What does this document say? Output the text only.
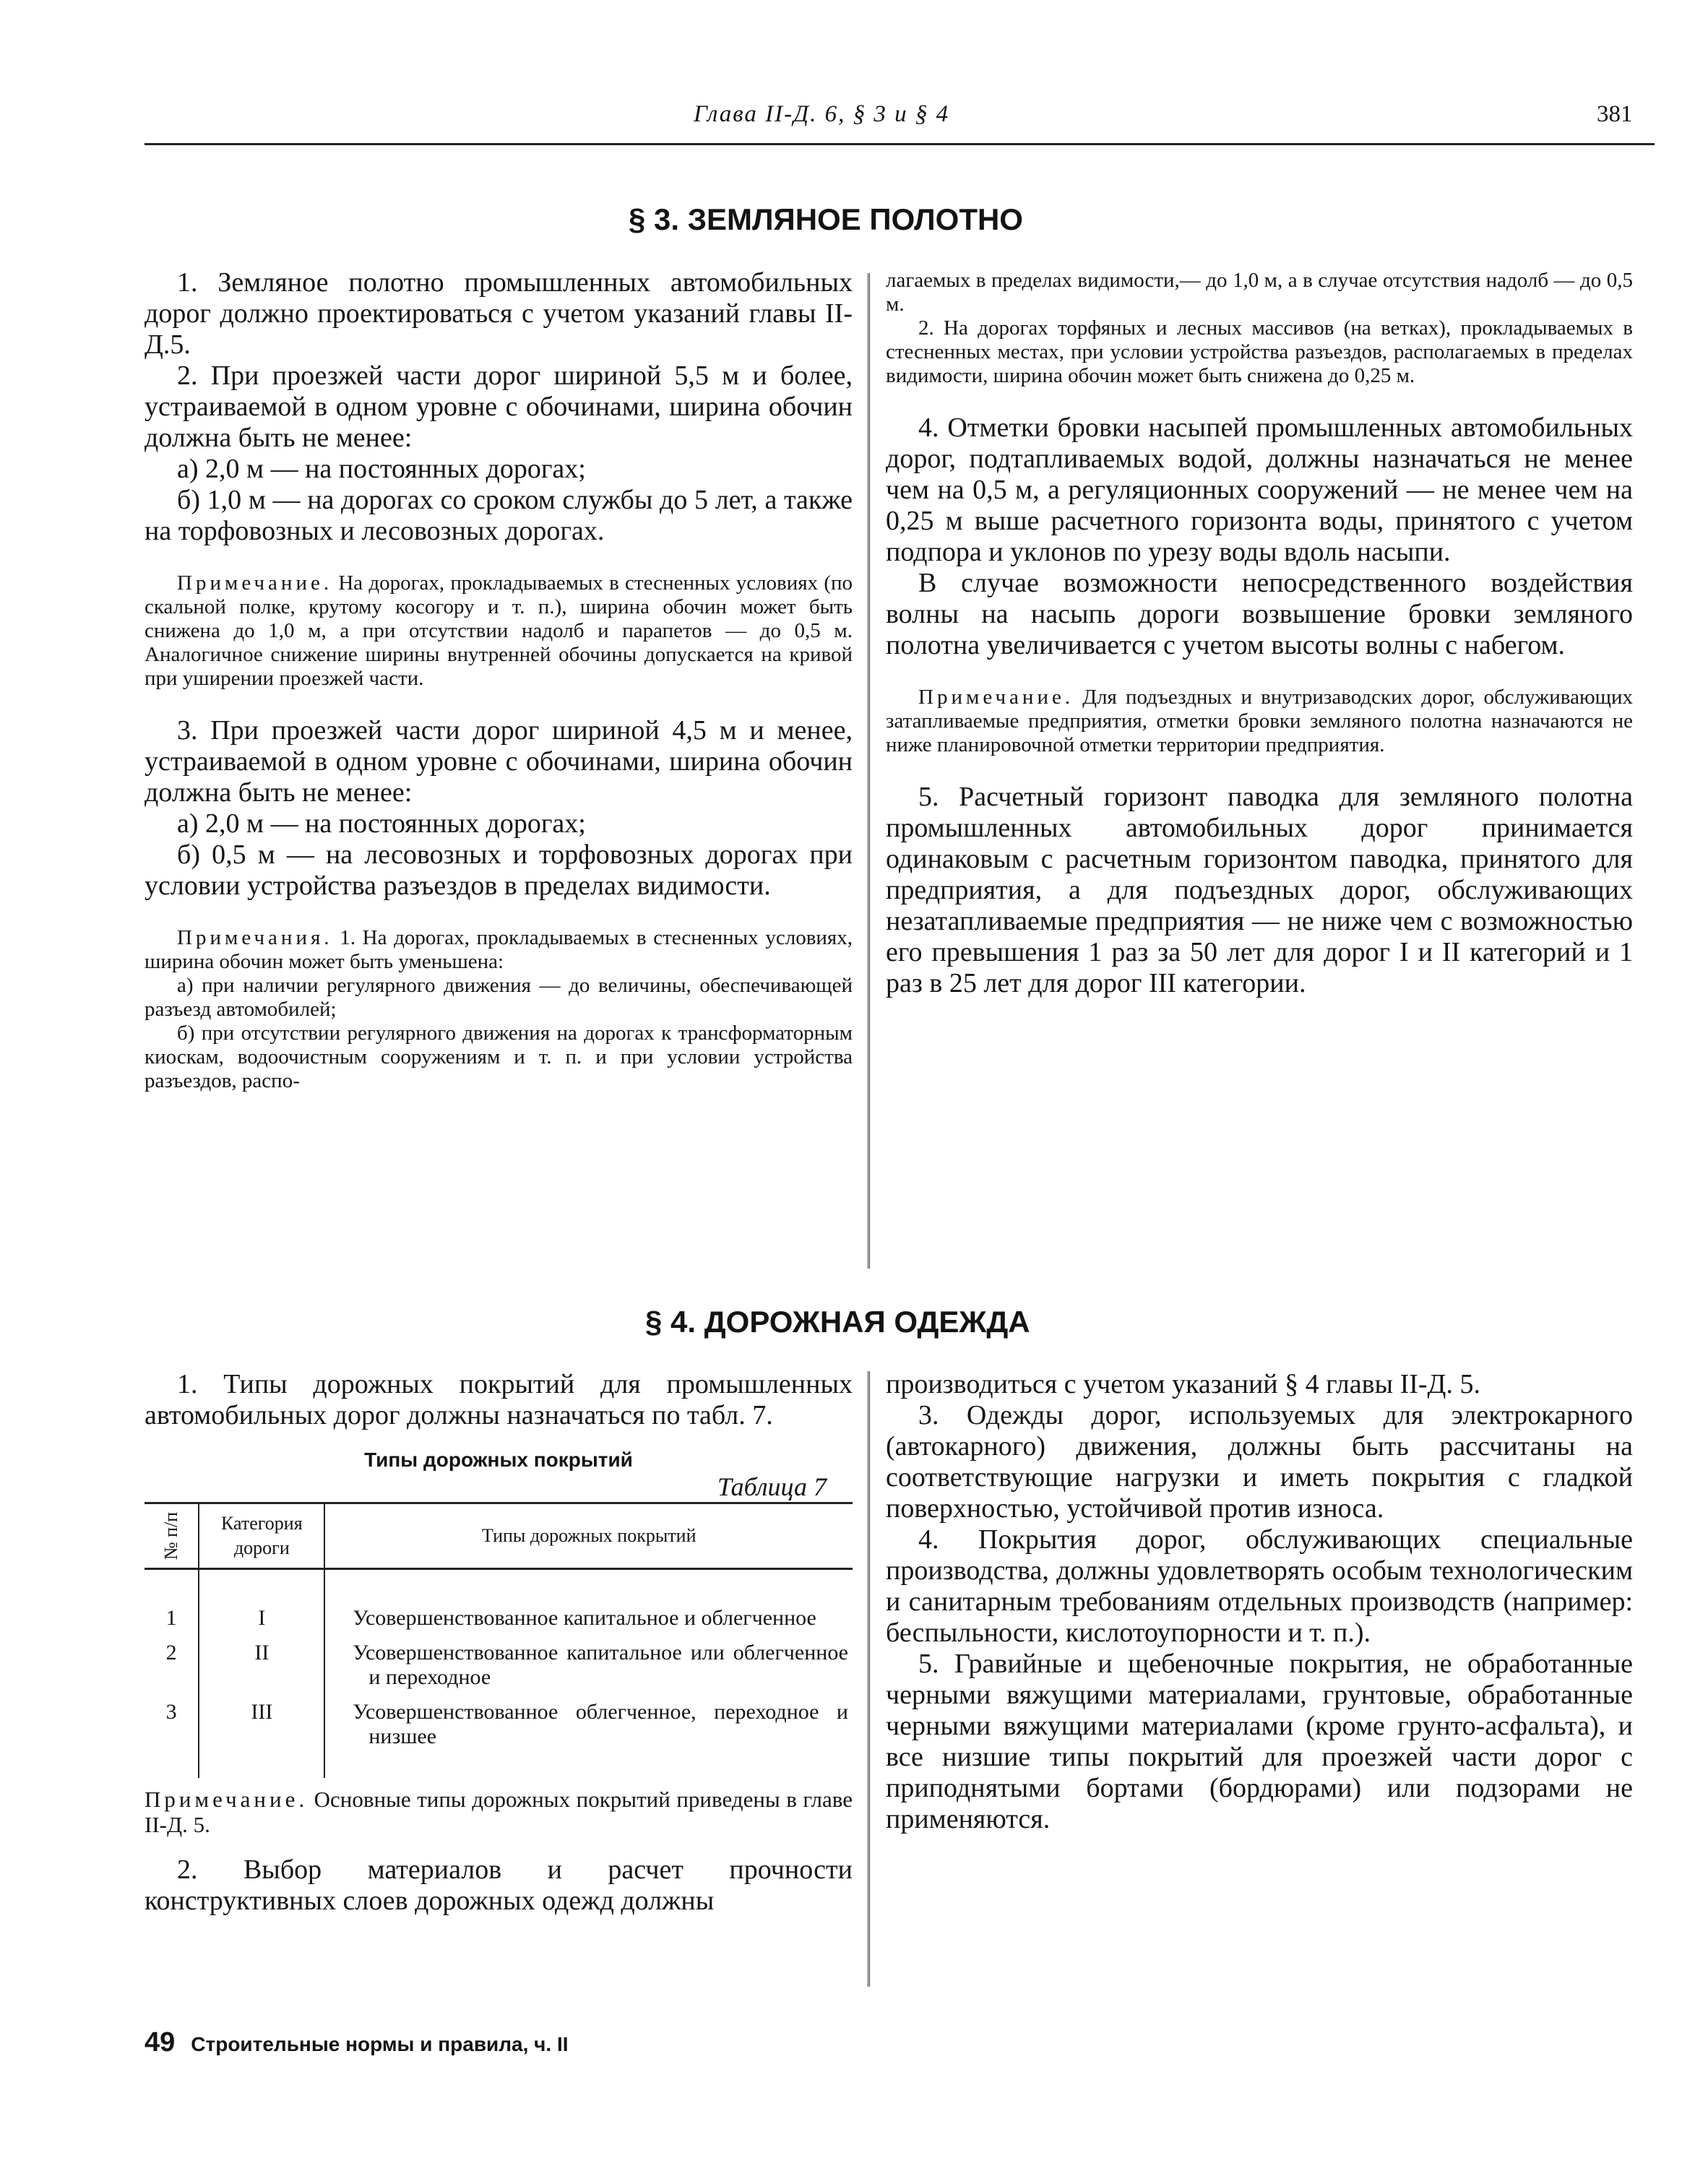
Глава II-Д. 6, § 3 и § 4	381
§ 3. ЗЕМЛЯНОЕ ПОЛОТНО

1. Земляное полотно промышленных автомобильных дорог должно проектироваться с учетом указаний главы II-Д.5.

2. При проезжей части дорог шириной 5,5 м и более, устраиваемой в одном уровне с обочинами, ширина обочин должна быть не менее:

а) 2,0 м — на постоянных дорогах;

б) 1,0 м — на дорогах со сроком службы до 5 лет, а также на торфовозных и лесовозных дорогах.

Примечание. На дорогах, прокладываемых в стесненных условиях (по скальной полке, крутому косогору и т. п.), ширина обочин может быть снижена до 1,0 м, а при отсутствии надолб и парапетов — до 0,5 м. Аналогичное снижение ширины внутренней обочины допускается на кривой при уширении проезжей части.

3. При проезжей части дорог шириной 4,5 м и менее, устраиваемой в одном уровне с обочинами, ширина обочин должна быть не менее:

а) 2,0 м — на постоянных дорогах;

б) 0,5 м — на лесовозных и торфовозных дорогах при условии устройства разъездов в пределах видимости.

Примечания. 1. На дорогах, прокладываемых в стесненных условиях, ширина обочин может быть уменьшена:

а) при наличии регулярного движения — до величины, обеспечивающей разъезд автомобилей;

б) при отсутствии регулярного движения на дорогах к трансформаторным киоскам, водоочистным сооружениям и т. п. и при условии устройства разъездов, распо-

лагаемых в пределах видимости,— до 1,0 м, а в случае отсутствия надолб — до 0,5 м.

2. На дорогах торфяных и лесных массивов (на ветках), прокладываемых в стесненных местах, при условии устройства разъездов, располагаемых в пределах видимости, ширина обочин может быть снижена до 0,25 м.

4. Отметки бровки насыпей промышленных автомобильных дорог, подтапливаемых водой, должны назначаться не менее чем на 0,5 м, а регуляционных сооружений — не менее чем на 0,25 м выше расчетного горизонта воды, принятого с учетом подпора и уклонов по урезу воды вдоль насыпи.

В случае возможности непосредственного воздействия волны на насыпь дороги возвышение бровки земляного полотна увеличивается с учетом высоты волны с набегом.

Примечание. Для подъездных и внутризаводских дорог, обслуживающих затапливаемые предприятия, отметки бровки земляного полотна назначаются не ниже планировочной отметки территории предприятия.

5. Расчетный горизонт паводка для земляного полотна промышленных автомобильных дорог принимается одинаковым с расчетным горизонтом паводка, принятого для предприятия, а для подъездных дорог, обслуживающих незатапливаемые предприятия — не ниже чем с возможностью его превышения 1 раз за 50 лет для дорог I и II категорий и 1 раз в 25 лет для дорог III категории.

§ 4. ДОРОЖНАЯ ОДЕЖДА

1. Типы дорожных покрытий для промышленных автомобильных дорог должны назначаться по табл. 7.

Типы дорожных покрытий
Таблица 7
№ п/п	Категория дороги	Типы дорожных покрытий
1	I	Усовершенствованное капитальное и облегченное

2	II	Усовершенствованное капитальное или облегченное и переходное

3	III	Усовершенствованное облегченное, переходное и низшее

Примечание. Основные типы дорожных покрытий приведены в главе II-Д. 5.

2. Выбор материалов и расчет прочности конструктивных слоев дорожных одежд должны

производиться с учетом указаний § 4 главы II-Д. 5.

3. Одежды дорог, используемых для электрокарного (автокарного) движения, должны быть рассчитаны на соответствующие нагрузки и иметь покрытия с гладкой поверхностью, устойчивой против износа.

4. Покрытия дорог, обслуживающих специальные производства, должны удовлетворять особым технологическим и санитарным требованиям отдельных производств (например: беспыльности, кислотоупорности и т. п.).

5. Гравийные и щебеночные покрытия, не обработанные черными вяжущими материалами, грунтовые, обработанные черными вяжущими материалами (кроме грунто-асфальта), и все низшие типы покрытий для проезжей части дорог с приподнятыми бортами (бордюрами) или подзорами не применяются.

49 Строительные нормы и правила, ч. II
